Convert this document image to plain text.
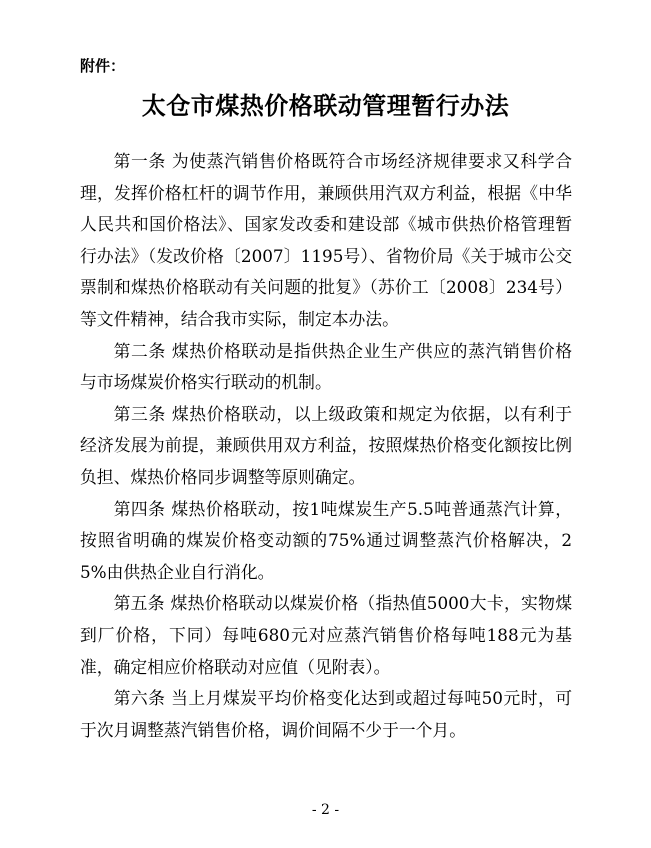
附件：
太仓市煤热价格联动管理暂行办法

第一条 为使蒸汽销售价格既符合市场经济规律要求又科学合理，发挥价格杠杆的调节作用，兼顾供用汽双方利益，根据《中华人民共和国价格法》、国家发改委和建设部《城市供热价格管理暂行办法》（发改价格〔2007〕1195号）、省物价局《关于城市公交票制和煤热价格联动有关问题的批复》（苏价工〔2008〕234号）等文件精神，结合我市实际，制定本办法。

第二条 煤热价格联动是指供热企业生产供应的蒸汽销售价格与市场煤炭价格实行联动的机制。

第三条 煤热价格联动，以上级政策和规定为依据，以有利于经济发展为前提，兼顾供用双方利益，按照煤热价格变化额按比例负担、煤热价格同步调整等原则确定。

第四条 煤热价格联动，按1吨煤炭生产5.5吨普通蒸汽计算，按照省明确的煤炭价格变动额的75%通过调整蒸汽价格解决，25%由供热企业自行消化。

第五条 煤热价格联动以煤炭价格（指热值5000大卡，实物煤到厂价格，下同）每吨680元对应蒸汽销售价格每吨188元为基准，确定相应价格联动对应值（见附表）。

第六条 当上月煤炭平均价格变化达到或超过每吨50元时，可于次月调整蒸汽销售价格，调价间隔不少于一个月。

- 2 -
